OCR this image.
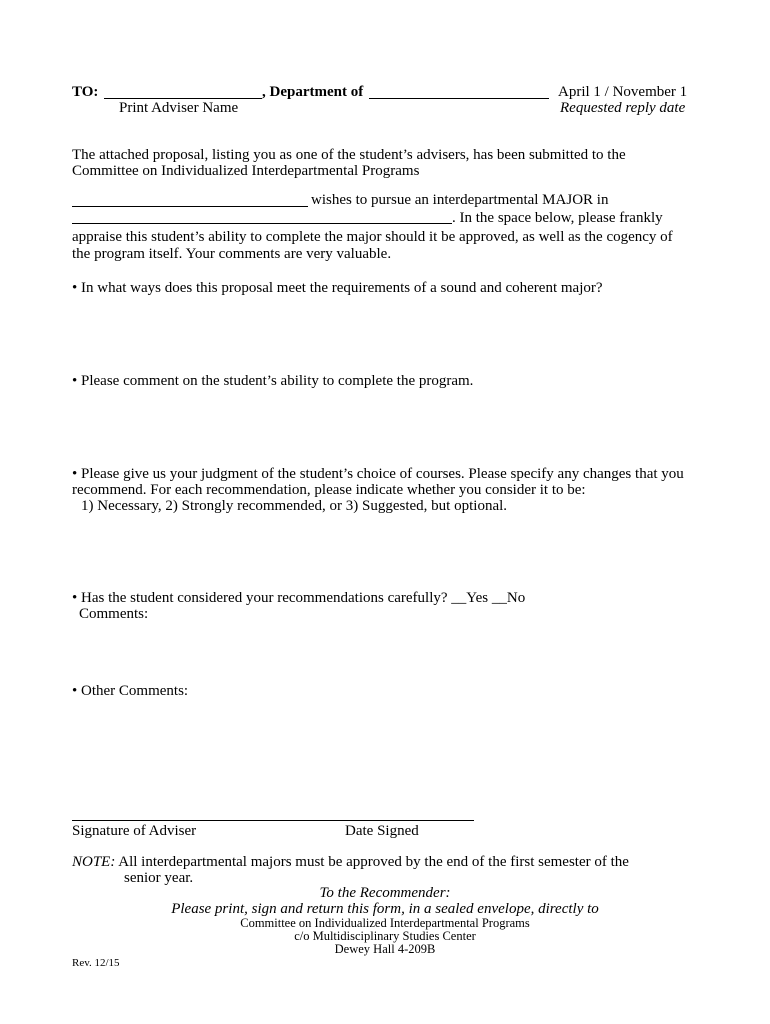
TO:	, Department of	April 1 / November 1
Print Adviser Name	Requested reply date
The attached proposal, listing you as one of the student’s advisers, has been submitted to the
Committee on Individualized Interdepartmental Programs
wishes to pursue an interdepartmental MAJOR in
. In the space below, please frankly
appraise this student’s ability to complete the major should it be approved, as well as the cogency of
the program itself. Your comments are very valuable.
• In what ways does this proposal meet the requirements of a sound and coherent major?
• Please comment on the student’s ability to complete the program.
• Please give us your judgment of the student’s choice of courses. Please specify any changes that you
recommend. For each recommendation, please indicate whether you consider it to be:
1) Necessary, 2) Strongly recommended, or 3) Suggested, but optional.
• Has the student considered your recommendations carefully? __Yes __No
Comments:
• Other Comments:
Signature of Adviser	Date Signed
NOTE: All interdepartmental majors must be approved by the end of the first semester of the
senior year.
To the Recommender:
Please print, sign and return this form, in a sealed envelope, directly to
Committee on Individualized Interdepartmental Programs
c/o Multidisciplinary Studies Center
Dewey Hall 4-209B
Rev. 12/15
